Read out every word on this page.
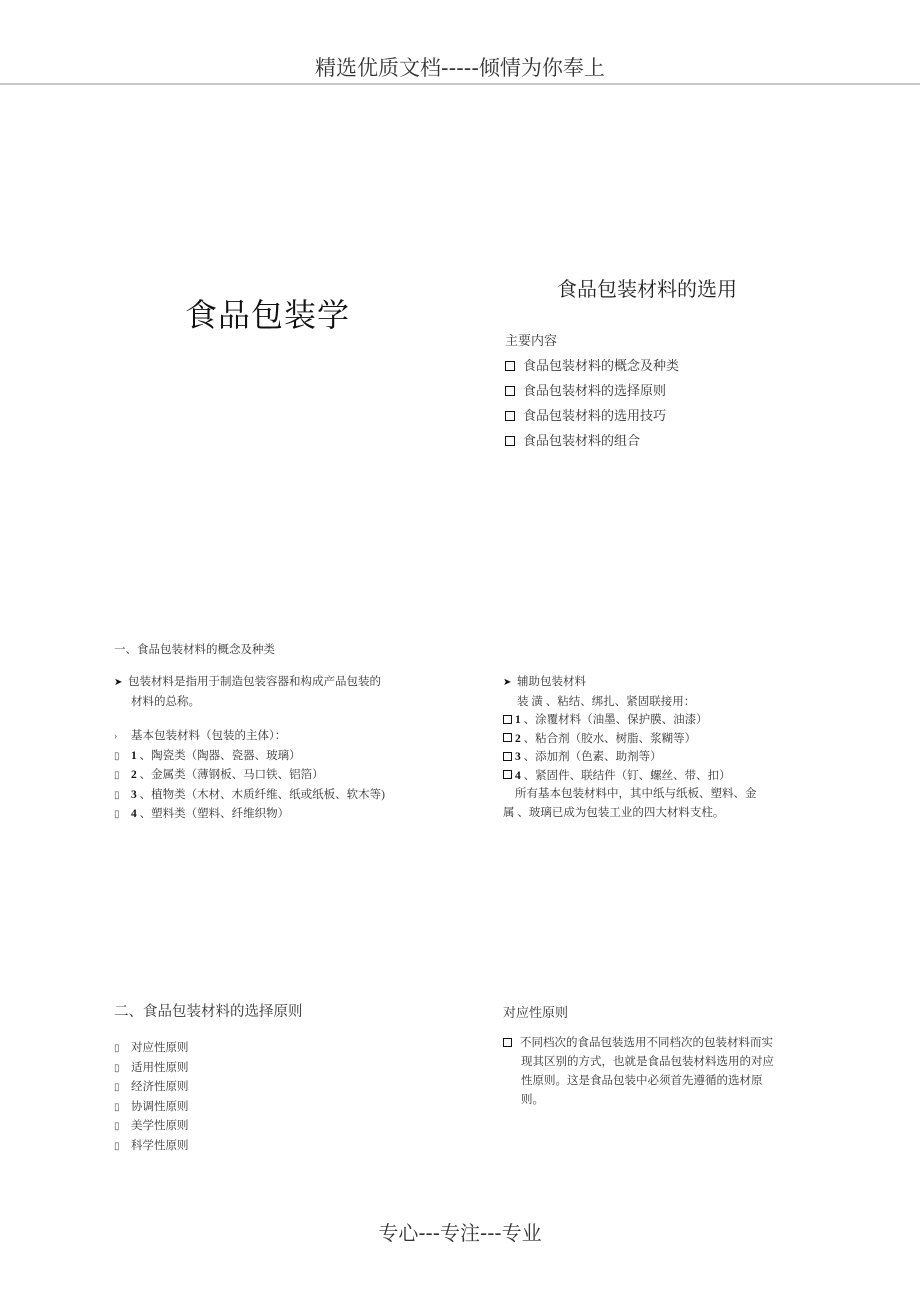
精选优质文档-----倾情为你奉上
专心---专注---专业
食品包装学
食品包装材料的选用
主要内容
食品包装材料的概念及种类
食品包装材料的选择原则
食品包装材料的选用技巧
食品包装材料的组合
一、食品包装材料的概念及种类
➤ 包装材料是指用于制造包装容器和构成产品包装的
材料的总称。
› 基本包装材料（包装的主体）：
▯ 1 、陶瓷类（陶器、瓷器、玻璃）
▯ 2 、金属类（薄钢板、马口铁、铝箔）
▯ 3 、植物类（木材、木质纤维、纸或纸板、软木等)
▯ 4 、塑料类（塑料、纤维织物）
➤ 辅助包装材料
装 潢 、粘结、绑扎、紧固联接用：
1 、涂覆材料（油墨、保护膜、油漆）
2 、粘合剂（胶水、树脂、浆糊等）
3 、添加剂（色素、助剂等）
4 、紧固件、联结件（钉、螺丝、带、扣）
所有基本包装材料中，其中纸与纸板、塑料、金
属 、玻璃已成为包装工业的四大材料支柱。
二、食品包装材料的选择原则
▯ 对应性原则
▯ 适用性原则
▯ 经济性原则
▯ 协调性原则
▯ 美学性原则
▯ 科学性原则
对应性原则
不同档次的食品包装选用不同档次的包装材料而实
现其区别的方式，也就是食品包装材料选用的对应
性原则。这是食品包装中必须首先遵循的选材原
则。
